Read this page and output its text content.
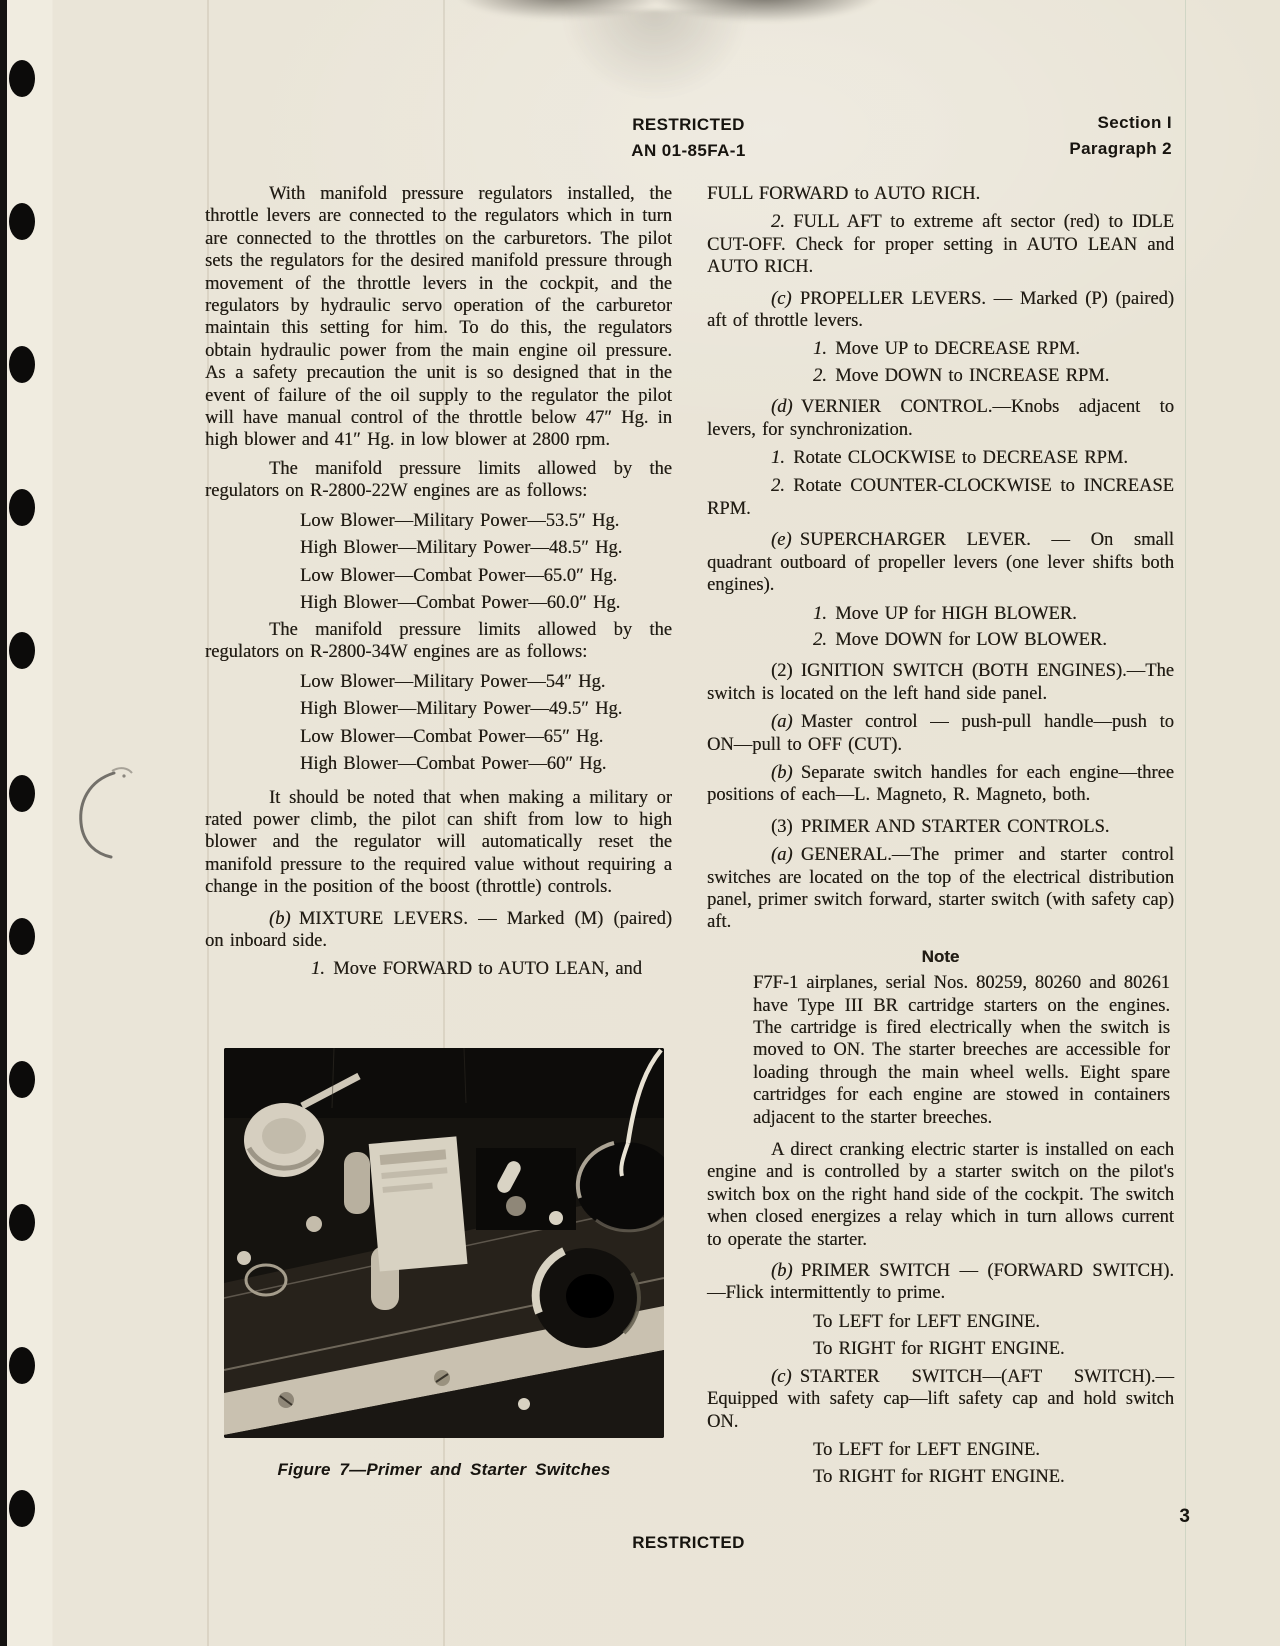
RESTRICTED
AN 01-85FA-1
Section I
Paragraph 2

With manifold pressure regulators installed, the throttle levers are connected to the regulators which in turn are connected to the throttles on the carburetors. The pilot sets the regulators for the desired manifold pressure through movement of the throttle levers in the cockpit, and the regulators by hydraulic servo operation of the carburetor maintain this setting for him. To do this, the regulators obtain hydraulic power from the main engine oil pressure. As a safety precaution the unit is so designed that in the event of failure of the oil supply to the regulator the pilot will have manual control of the throttle below 47″ Hg. in high blower and 41″ Hg. in low blower at 2800 rpm.

The manifold pressure limits allowed by the regulators on R-2800-22W engines are as follows:

Low Blower—Military Power—53.5″ Hg.

High Blower—Military Power—48.5″ Hg.

Low Blower—Combat Power—65.0″ Hg.

High Blower—Combat Power—60.0″ Hg.

The manifold pressure limits allowed by the regulators on R-2800-34W engines are as follows:

Low Blower—Military Power—54″ Hg.

High Blower—Military Power—49.5″ Hg.

Low Blower—Combat Power—65″ Hg.

High Blower—Combat Power—60″ Hg.

It should be noted that when making a military or rated power climb, the pilot can shift from low to high blower and the regulator will automatically reset the manifold pressure to the required value without requiring a change in the position of the boost (throttle) controls.

(b) MIXTURE LEVERS. — Marked (M) (paired) on inboard side.

1. Move FORWARD to AUTO LEAN, and

Figure 7—Primer and Starter Switches

FULL FORWARD to AUTO RICH.

2. FULL AFT to extreme aft sector (red) to IDLE CUT-OFF. Check for proper setting in AUTO LEAN and AUTO RICH.

(c) PROPELLER LEVERS. — Marked (P) (paired) aft of throttle levers.

1. Move UP to DECREASE RPM.

2. Move DOWN to INCREASE RPM.

(d) VERNIER CONTROL.—Knobs adjacent to levers, for synchronization.

1. Rotate CLOCKWISE to DECREASE RPM.

2. Rotate COUNTER-CLOCKWISE to INCREASE RPM.

(e) SUPERCHARGER LEVER. — On small quadrant outboard of propeller levers (one lever shifts both engines).

1. Move UP for HIGH BLOWER.

2. Move DOWN for LOW BLOWER.

(2) IGNITION SWITCH (BOTH ENGINES).—The switch is located on the left hand side panel.

(a) Master control — push-pull handle—push to ON—pull to OFF (CUT).

(b) Separate switch handles for each engine—three positions of each—L. Magneto, R. Magneto, both.

(3) PRIMER AND STARTER CONTROLS.

(a) GENERAL.—The primer and starter control switches are located on the top of the electrical distribution panel, primer switch forward, starter switch (with safety cap) aft.

Note

F7F-1 airplanes, serial Nos. 80259, 80260 and 80261 have Type III BR cartridge starters on the engines. The cartridge is fired electrically when the switch is moved to ON. The starter breeches are accessible for loading through the main wheel wells. Eight spare cartridges for each engine are stowed in containers adjacent to the starter breeches.

A direct cranking electric starter is installed on each engine and is controlled by a starter switch on the pilot's switch box on the right hand side of the cockpit. The switch when closed energizes a relay which in turn allows current to operate the starter.

(b) PRIMER SWITCH — (FORWARD SWITCH).—Flick intermittently to prime.

To LEFT for LEFT ENGINE.

To RIGHT for RIGHT ENGINE.

(c) STARTER SWITCH—(AFT SWITCH).— Equipped with safety cap—lift safety cap and hold switch ON.

To LEFT for LEFT ENGINE.

To RIGHT for RIGHT ENGINE.

RESTRICTED
3
